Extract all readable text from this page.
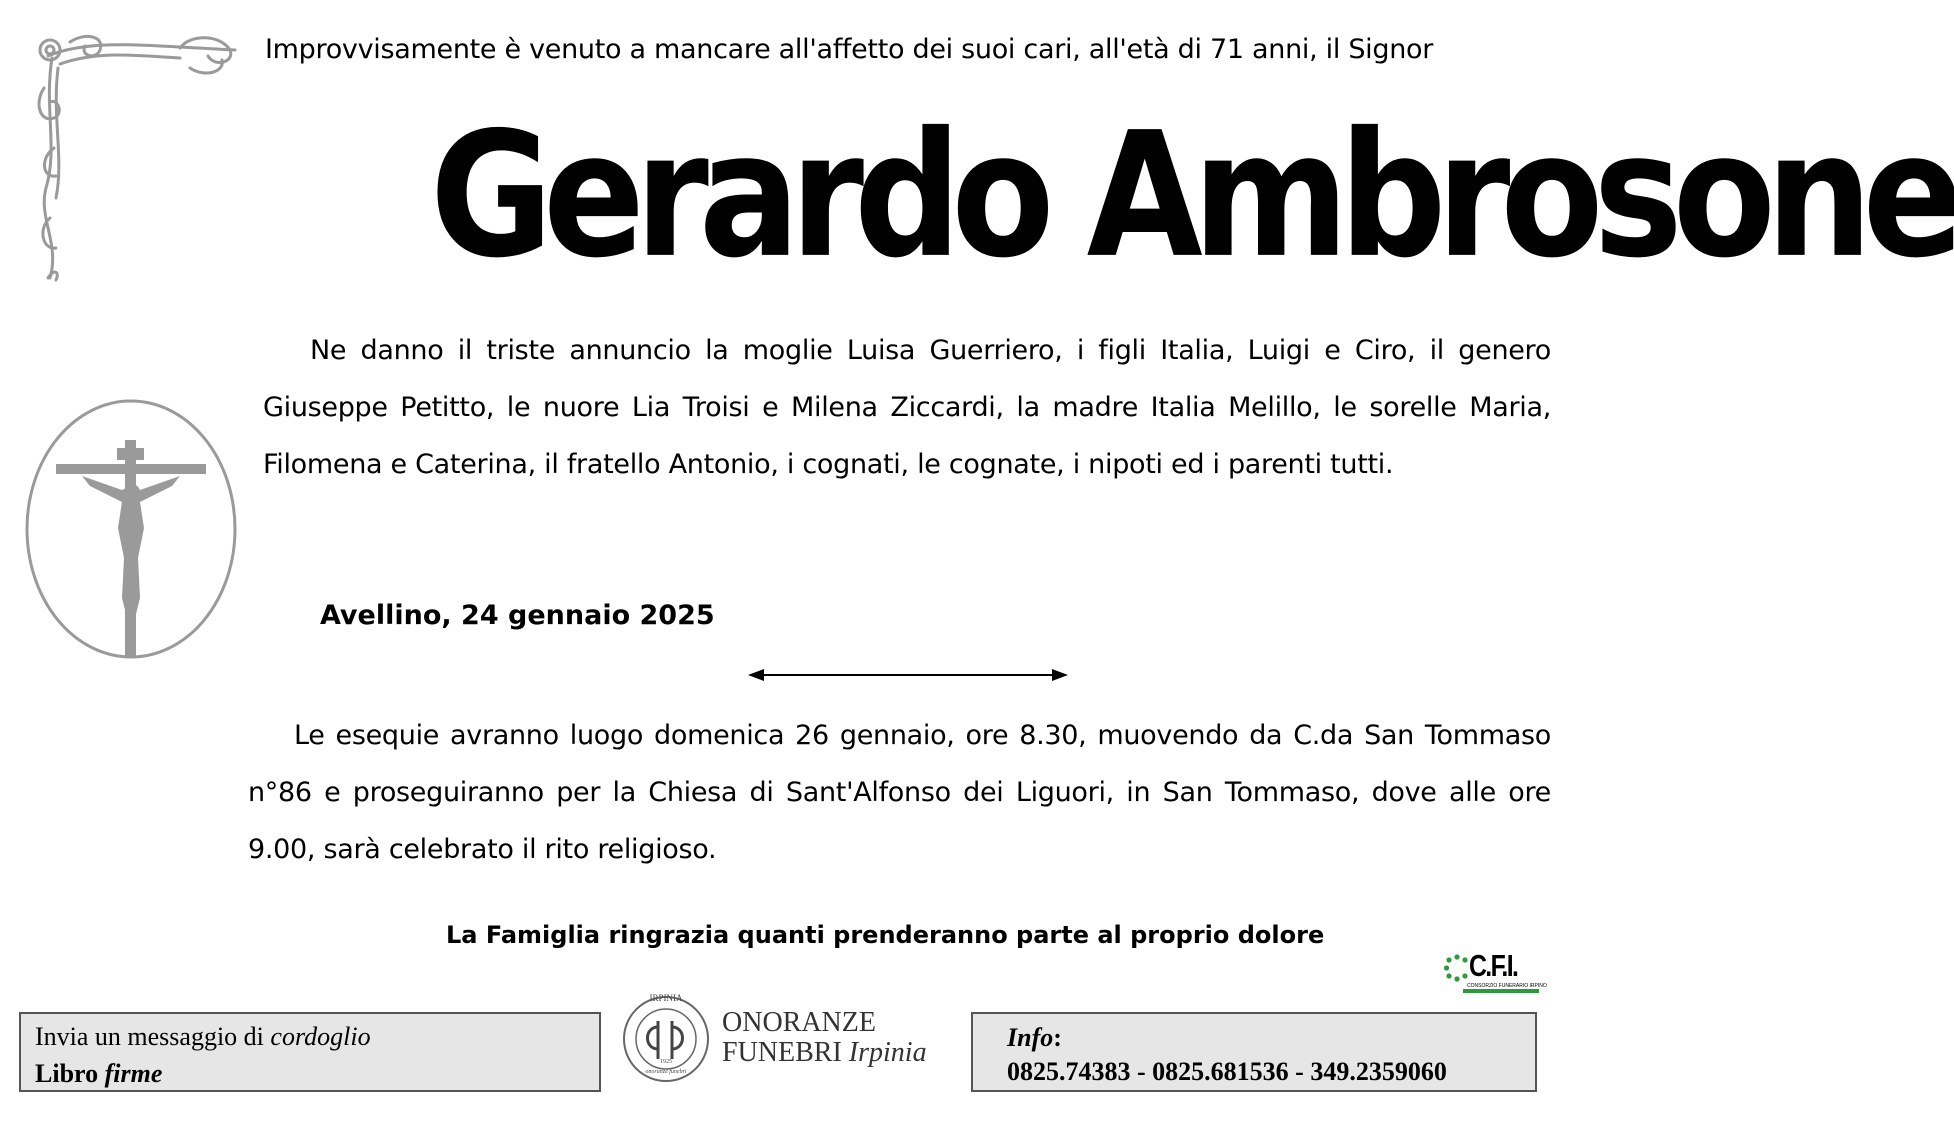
Improvvisamente è venuto a mancare all'affetto dei suoi cari, all'età di 71 anni, il Signor
Gerardo Ambrosone
Ne danno il triste annuncio la moglie Luisa Guerriero, i figli Italia, Luigi e Ciro, il genero Giuseppe Petitto, le nuore Lia Troisi e Milena Ziccardi, la madre Italia Melillo, le sorelle Maria, Filomena e Caterina, il fratello Antonio, i cognati, le cognate, i nipoti ed i parenti tutti.
Avellino, 24 gennaio 2025
Le esequie avranno luogo domenica 26 gennaio, ore 8.30, muovendo da C.da San Tommaso n°86 e proseguiranno per la Chiesa di Sant'Alfonso dei Liguori, in San Tommaso, dove alle ore 9.00, sarà celebrato il rito religioso.
La Famiglia ringrazia quanti prenderanno parte al proprio dolore
C.F.I.
CONSORZIO FUNERARIO IRPINO
Invia un messaggio di cordoglio
Libro firme
IRPINIA
1925
onoranze funebri
ONORANZE
FUNEBRI Irpinia	Info:
0825.74383 - 0825.681536 - 349.2359060
